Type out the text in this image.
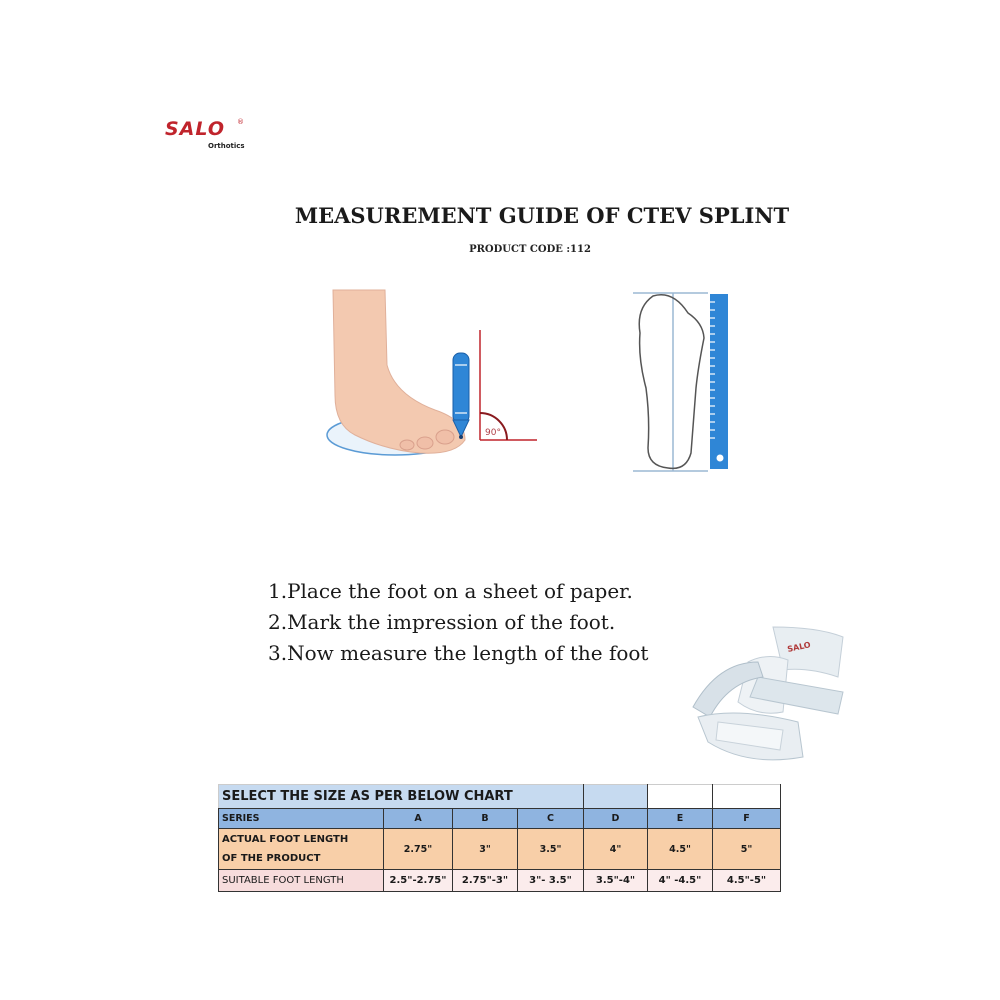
SALO ®
Orthotics
MEASUREMENT GUIDE OF CTEV SPLINT
PRODUCT CODE :112
90°
1.Place the foot on a sheet of paper.
2.Mark the impression of the foot.
3.Now measure the length of the foot	SALO
SELECT THE SIZE AS PER BELOW CHART						
SERIES	A	B	C	D	E	F

ACTUAL FOOT LENGTH
OF THE PRODUCT	2.75"	3"	3.5"	4"	4.5"	5"
SUITABLE FOOT LENGTH	2.5"-2.75"	2.75"-3"	3"- 3.5"	3.5"-4"	4" -4.5"	4.5"-5"
